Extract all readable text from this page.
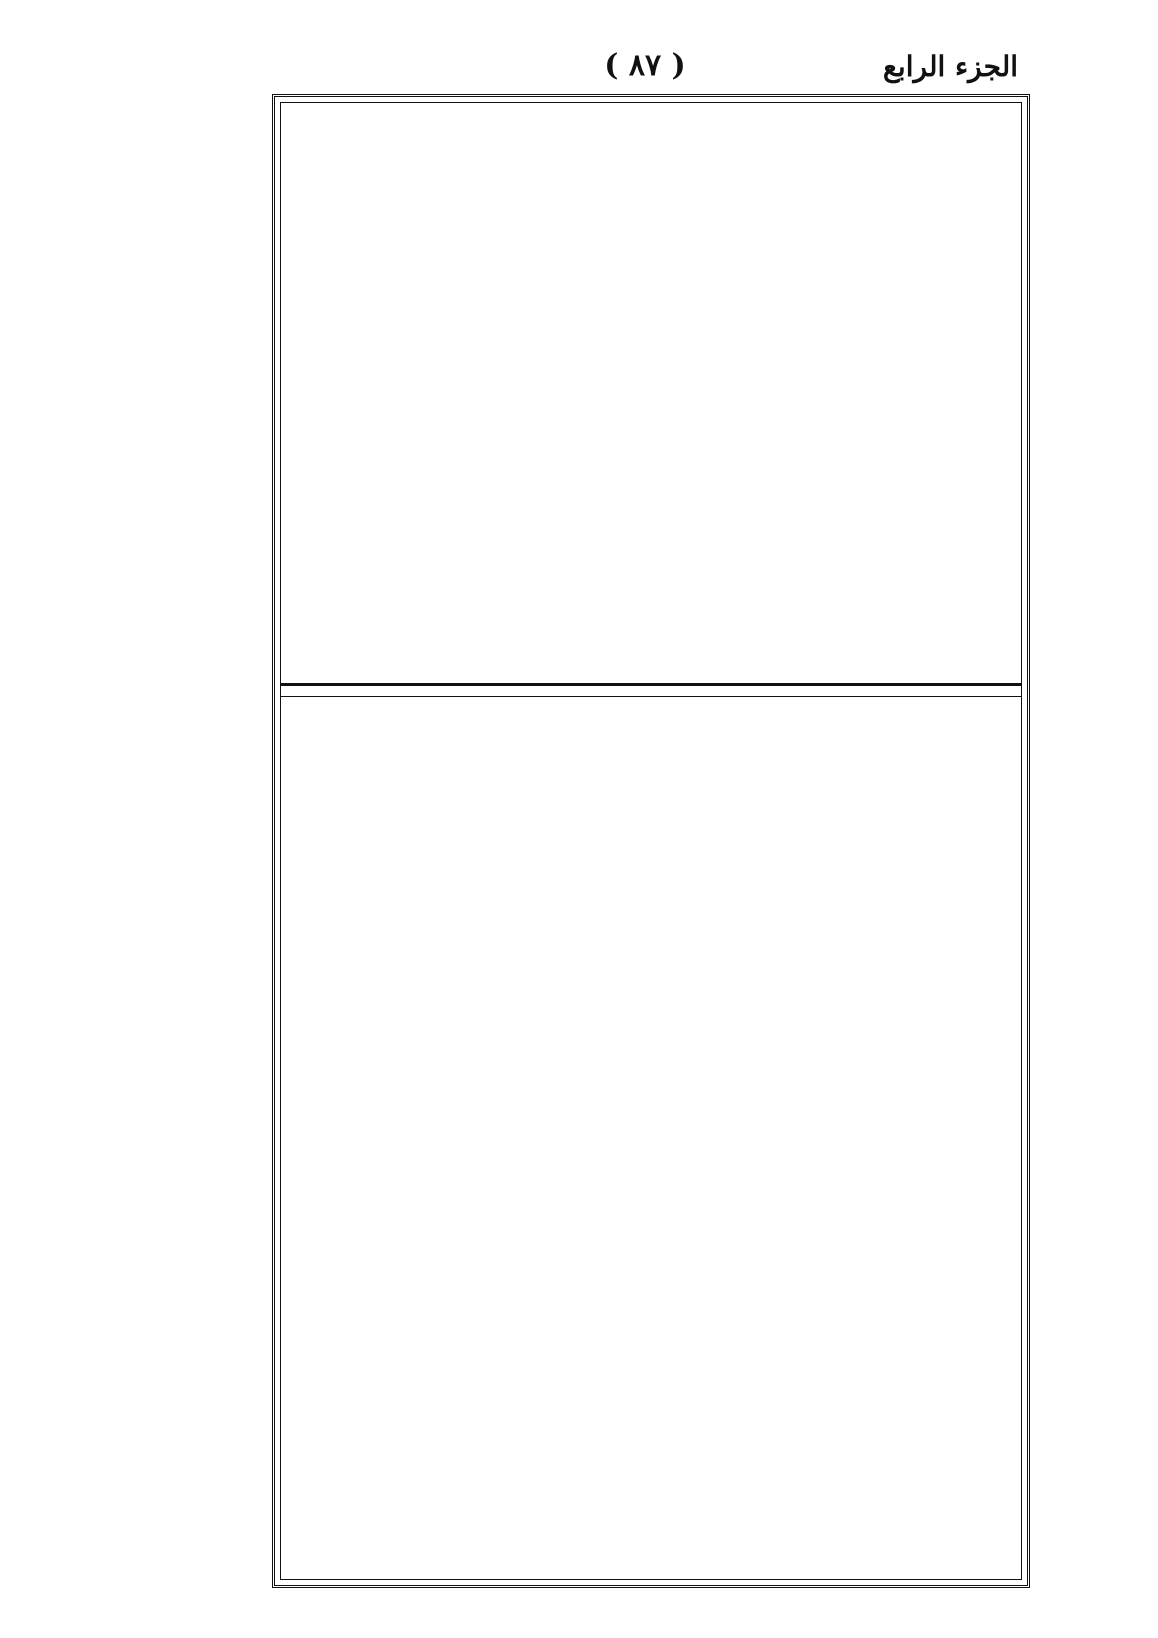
( ٨٧ )	الجزء الرابع
